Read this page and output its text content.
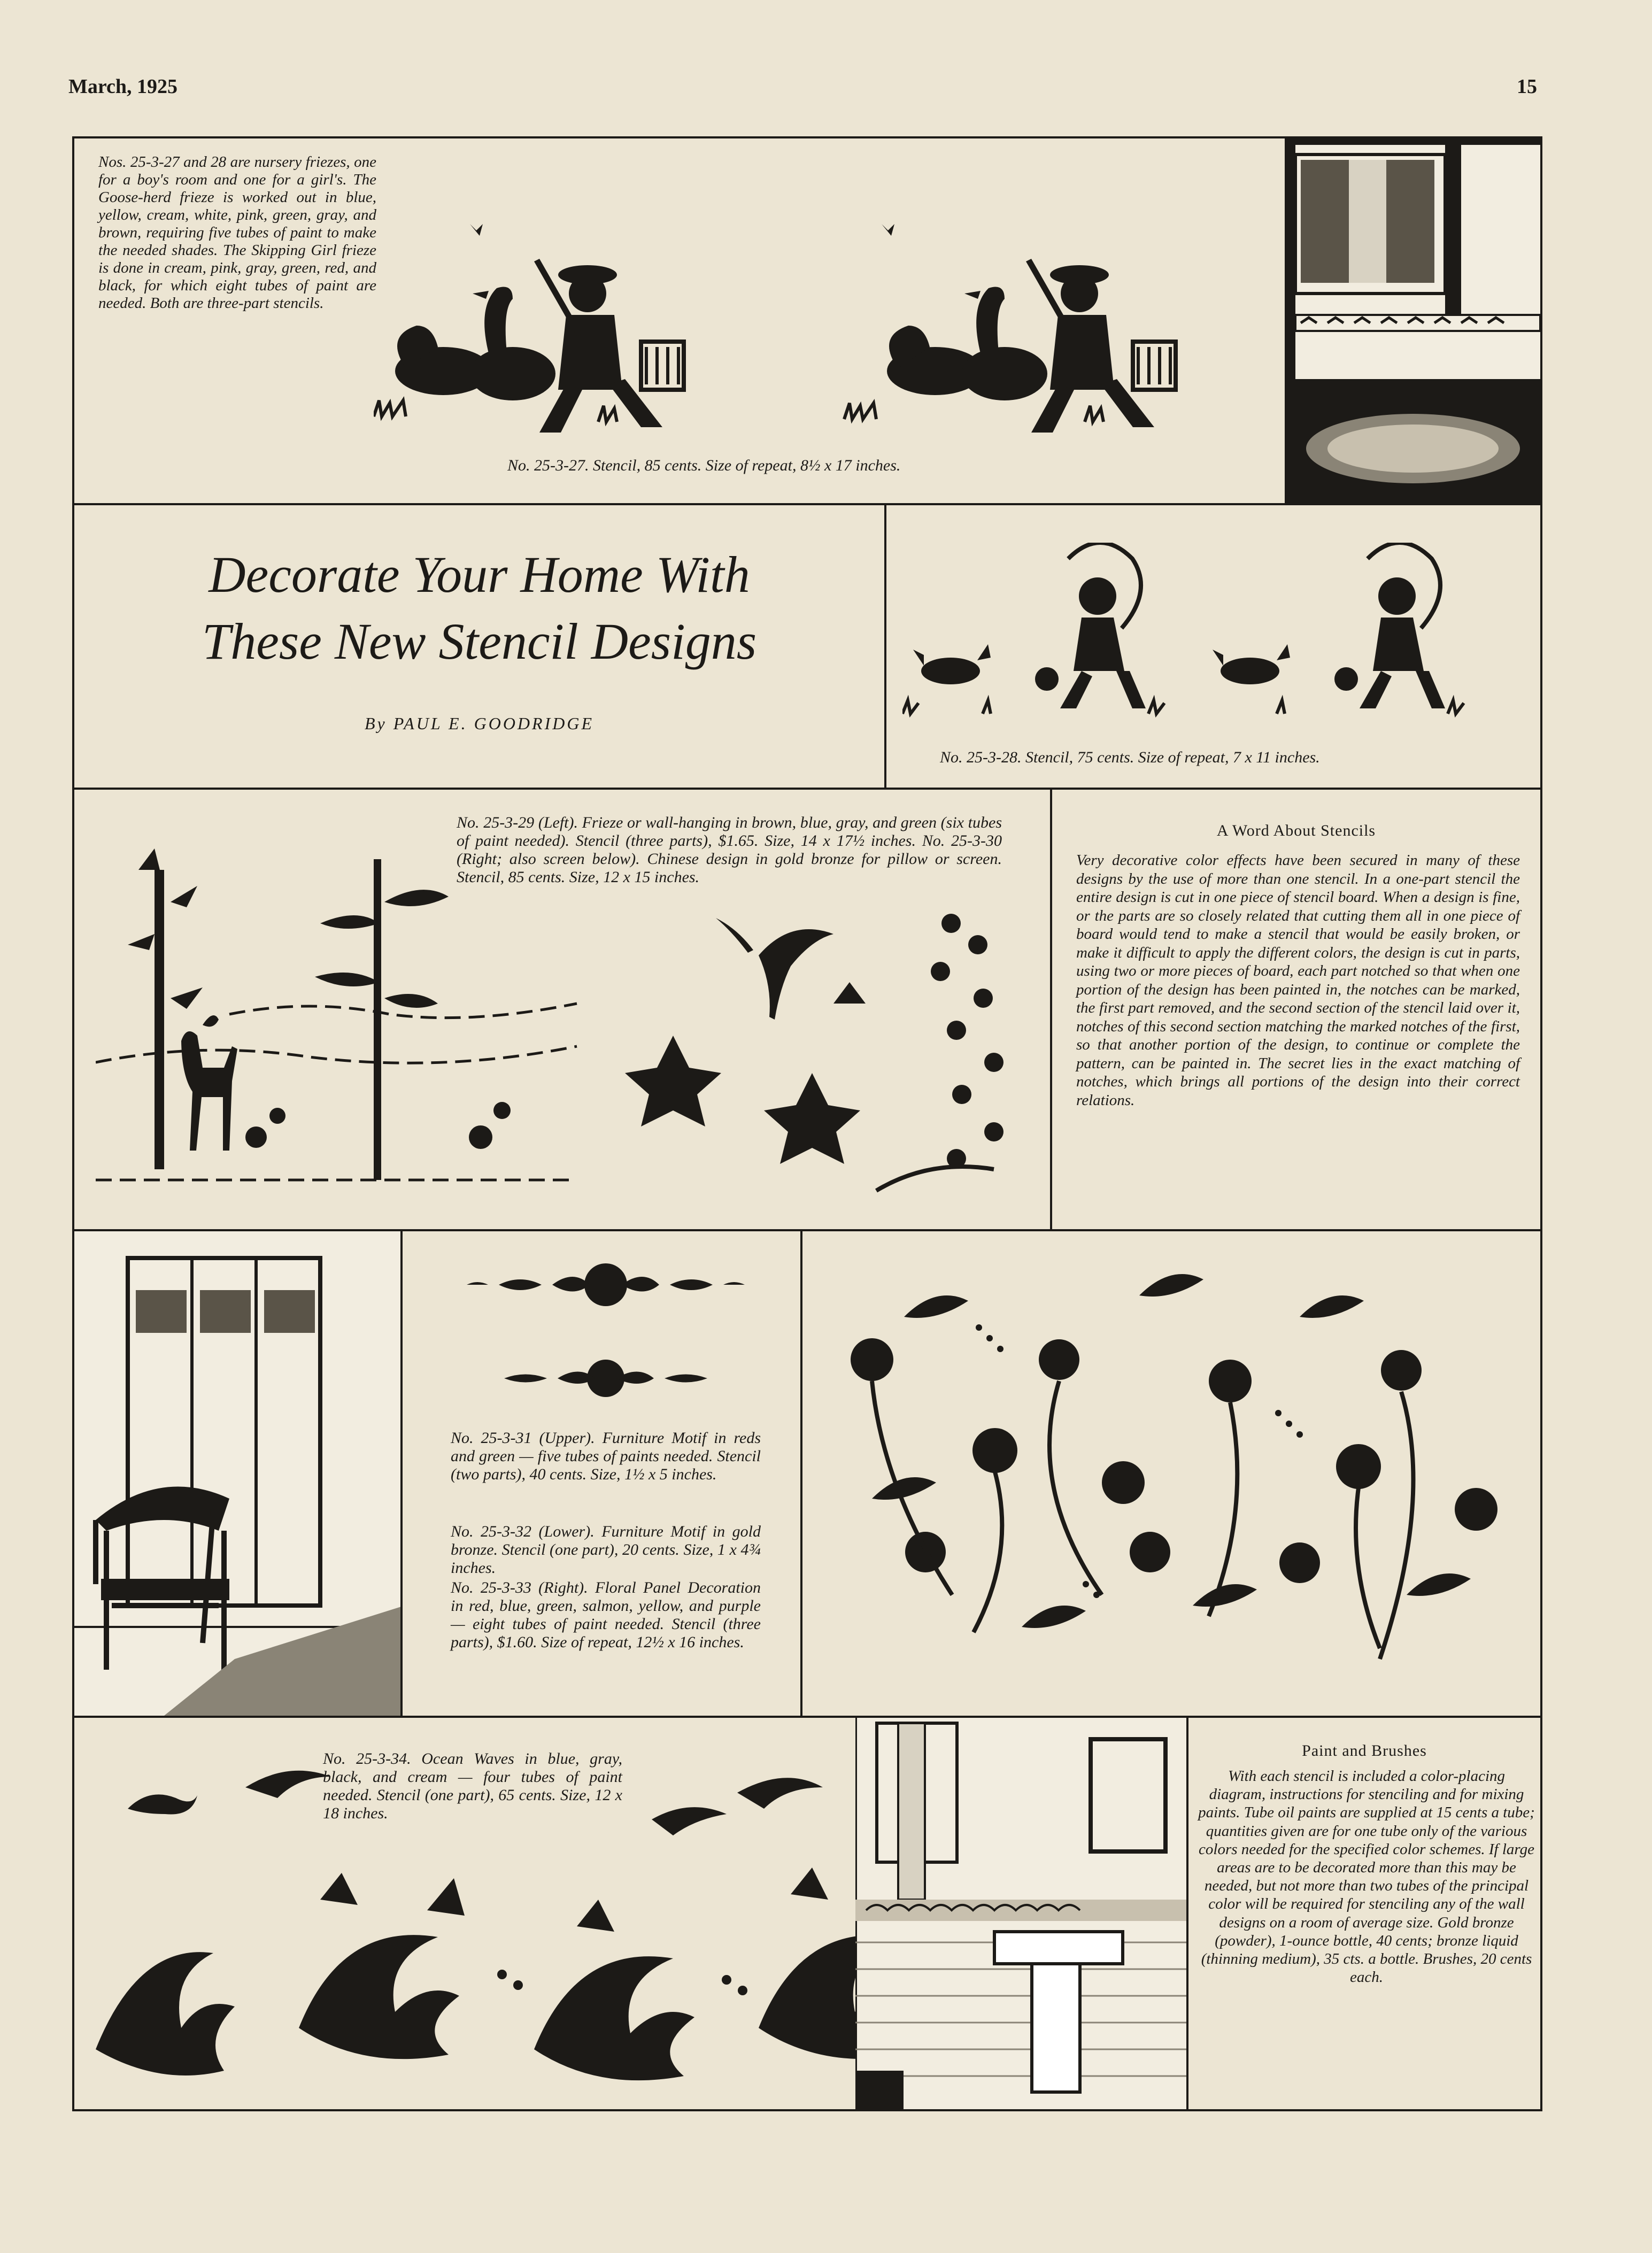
March, 1925	15
Nos. 25-3-27 and 28 are nursery friezes, one for a boy's room and one for a girl's. The Goose-herd frieze is worked out in blue, yellow, cream, white, pink, green, gray, and brown, requiring five tubes of paint to make the needed shades. The Skipping Girl frieze is done in cream, pink, gray, green, red, and black, for which eight tubes of paint are needed. Both are three-part stencils.
No. 25-3-27. Stencil, 85 cents. Size of repeat, 8½ x 17 inches.
Decorate Your Home With
These New Stencil Designs
By PAUL E. GOODRIDGE
No. 25-3-28. Stencil, 75 cents. Size of repeat, 7 x 11 inches.
No. 25-3-29 (Left). Frieze or wall-hanging in brown, blue, gray, and green (six tubes of paint needed). Stencil (three parts), $1.65. Size, 14 x 17½ inches. No. 25-3-30 (Right; also screen below). Chinese design in gold bronze for pillow or screen. Stencil, 85 cents. Size, 12 x 15 inches.
A Word About Stencils
Very decorative color effects have been secured in many of these designs by the use of more than one stencil. In a one-part stencil the entire design is cut in one piece of stencil board. When a design is fine, or the parts are so closely related that cutting them all in one piece of board would tend to make a stencil that would be easily broken, or make it difficult to apply the different colors, the design is cut in parts, using two or more pieces of board, each part notched so that when one portion of the design has been painted in, the notches can be marked, the first part removed, and the second section of the stencil laid over it, notches of this second section matching the marked notches of the first, so that another portion of the design, to continue or complete the pattern, can be painted in. The secret lies in the exact matching of notches, which brings all portions of the design into their correct relations.
No. 25-3-31 (Upper). Furniture Motif in reds and green — five tubes of paints needed. Stencil (two parts), 40 cents. Size, 1½ x 5 inches.
No. 25-3-32 (Lower). Furniture Motif in gold bronze. Stencil (one part), 20 cents. Size, 1 x 4¾ inches.
No. 25-3-33 (Right). Floral Panel Decoration in red, blue, green, salmon, yellow, and purple — eight tubes of paint needed. Stencil (three parts), $1.60. Size of repeat, 12½ x 16 inches.
No. 25-3-34. Ocean Waves in blue, gray, black, and cream — four tubes of paint needed. Stencil (one part), 65 cents. Size, 12 x 18 inches.
Paint and Brushes
With each stencil is included a color-placing diagram, instructions for stenciling and for mixing paints. Tube oil paints are supplied at 15 cents a tube; quantities given are for one tube only of the various colors needed for the specified color schemes. If large areas are to be decorated more than this may be needed, but not more than two tubes of the principal color will be required for stenciling any of the wall designs on a room of average size. Gold bronze (powder), 1-ounce bottle, 40 cents; bronze liquid (thinning medium), 35 cts. a bottle. Brushes, 20 cents each.
